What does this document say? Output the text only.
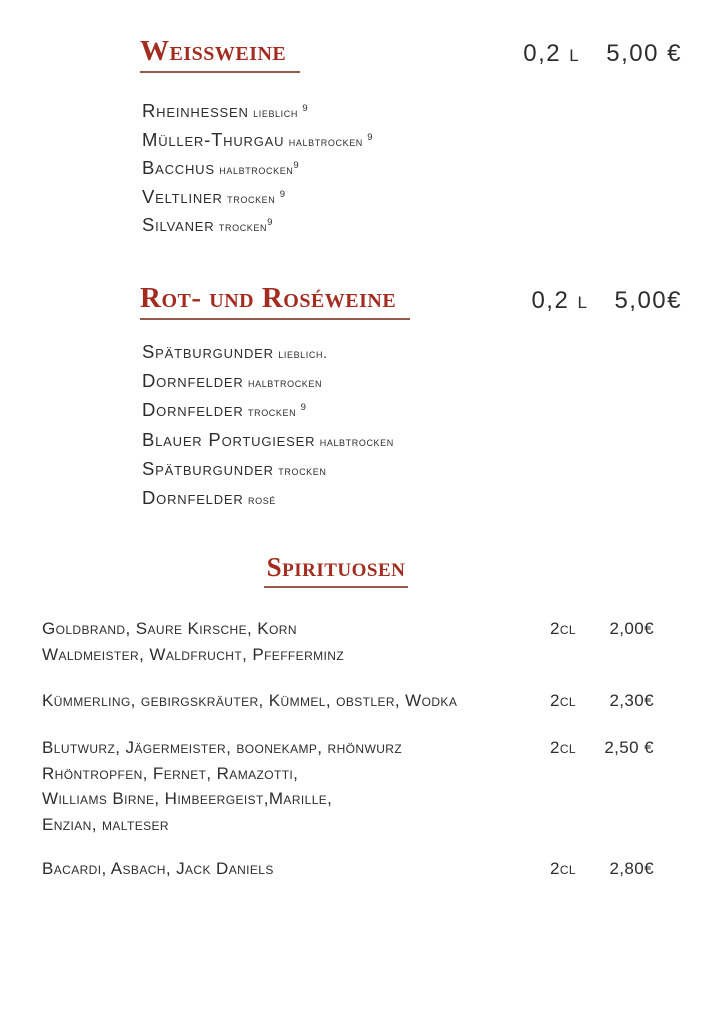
Weissweine	0,2 l 5,00 €
Rheinhessen lieblich $^9$
Müller-Thurgau halbtrocken $^9$
Bacchus halbtrocken$^9$
Veltliner trocken $^9$
Silvaner trocken$^9$
Rot- und Roséweine	0,2 l 5,00€
Spätburgunder lieblich.
Dornfelder halbtrocken
Dornfelder trocken $^9$
Blauer Portugieser halbtrocken
Spätburgunder trocken
Dornfelder rosé
Spirituosen
Goldbrand, Saure Kirsche, Korn
Waldmeister, Waldfrucht, Pfefferminz
2cl	2,00€
Kümmerling, gebirgskräuter, Kümmel, obstler, Wodka	2cl	2,30€
Blutwurz, Jägermeister, boonekamp, rhönwurz
Rhöntropfen, Fernet, Ramazotti,
Williams Birne, Himbeergeist,Marille,
Enzian, malteser
2cl	2,50 €
Bacardi, Asbach, Jack Daniels	2cl	2,80€
